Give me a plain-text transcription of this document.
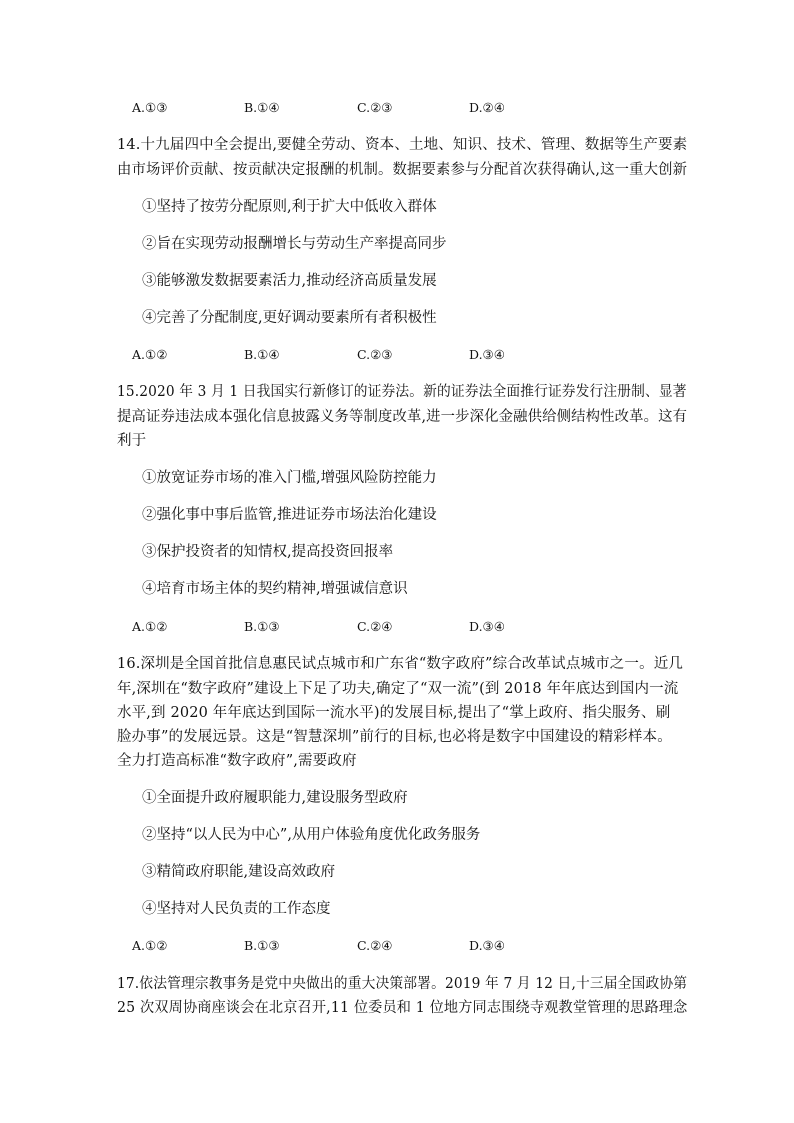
A.①③	B.①④	C.②③	D.②④
14.十九届四中全会提出,要健全劳动、资本、土地、知识、技术、管理、数据等生产要素
由市场评价贡献、按贡献决定报酬的机制。数据要素参与分配首次获得确认,这一重大创新
①坚持了按劳分配原则,利于扩大中低收入群体
②旨在实现劳动报酬增长与劳动生产率提高同步
③能够激发数据要素活力,推动经济高质量发展
④完善了分配制度,更好调动要素所有者积极性
A.①②	B.①④	C.②③	D.③④
15.2020 年 3 月 1 日我国实行新修订的证券法。新的证券法全面推行证券发行注册制、显著
提高证券违法成本强化信息披露义务等制度改革,进一步深化金融供给侧结构性改革。这有
利于
①放宽证券市场的准入门槛,增强风险防控能力
②强化事中事后监管,推进证券市场法治化建设
③保护投资者的知情权,提高投资回报率
④培育市场主体的契约精神,增强诚信意识
A.①②	B.①③	C.②④	D.③④
16.深圳是全国首批信息惠民试点城市和广东省“数字政府”综合改革试点城市之一。近几
年,深圳在“数字政府”建设上下足了功夫,确定了“双一流”(到 2018 年年底达到国内一流
水平,到 2020 年年底达到国际一流水平)的发展目标,提出了“掌上政府、指尖服务、刷
脸办事”的发展远景。这是“智慧深圳”前行的目标,也必将是数字中国建设的精彩样本。
全力打造高标准“数字政府”,需要政府
①全面提升政府履职能力,建设服务型政府
②坚持“以人民为中心”,从用户体验角度优化政务服务
③精简政府职能,建设高效政府
④坚持对人民负责的工作态度
A.①②	B.①③	C.②④	D.③④
17.依法管理宗教事务是党中央做出的重大决策部署。2019 年 7 月 12 日,十三届全国政协第
25 次双周协商座谈会在北京召开,11 位委员和 1 位地方同志围绕寺观教堂管理的思路理念
